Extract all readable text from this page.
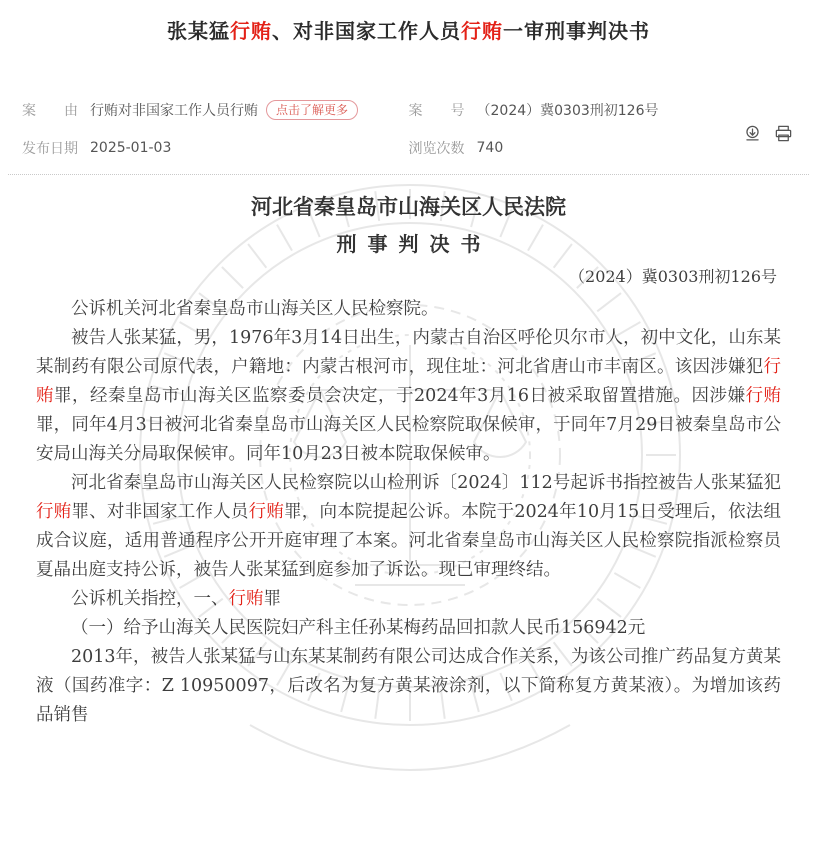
张某猛行贿、对非国家工作人员行贿一审刑事判决书
案　　由 行贿对非国家工作人员行贿	点击了解更多	案　　号 （2024）冀0303刑初126号
发布日期 2025-01-03	浏览次数 740
河北省秦皇岛市山海关区人民法院
刑事判决书
（2024）冀0303刑初126号

公诉机关河北省秦皇岛市山海关区人民检察院。

被告人张某猛，男，1976年3月14日出生，内蒙古自治区呼伦贝尔市人，初中文化，山东某某制药有限公司原代表，户籍地：内蒙古根河市，现住址：河北省唐山市丰南区。该因涉嫌犯行贿罪，经秦皇岛市山海关区监察委员会决定，于2024年3月16日被采取留置措施。因涉嫌行贿罪，同年4月3日被河北省秦皇岛市山海关区人民检察院取保候审，于同年7月29日被秦皇岛市公安局山海关分局取保候审。同年10月23日被本院取保候审。

河北省秦皇岛市山海关区人民检察院以山检刑诉〔2024〕112号起诉书指控被告人张某猛犯行贿罪、对非国家工作人员行贿罪，向本院提起公诉。本院于2024年10月15日受理后，依法组成合议庭，适用普通程序公开开庭审理了本案。河北省秦皇岛市山海关区人民检察院指派检察员夏晶出庭支持公诉，被告人张某猛到庭参加了诉讼。现已审理终结。

公诉机关指控，一、行贿罪

（一）给予山海关人民医院妇产科主任孙某梅药品回扣款人民币156942元

2013年，被告人张某猛与山东某某制药有限公司达成合作关系，为该公司推广药品复方黄某液（国药准字：Z 10950097，后改名为复方黄某液涂剂，以下简称复方黄某液）。为增加该药品销售
